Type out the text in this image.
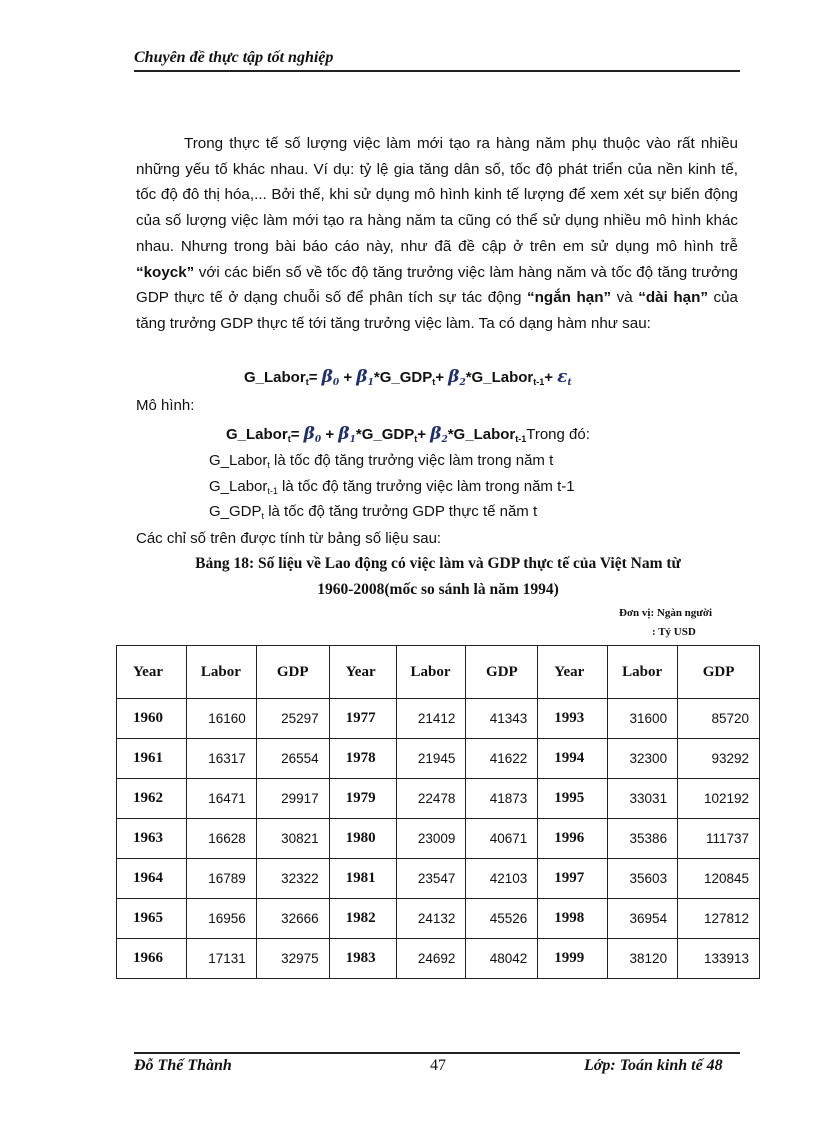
Chuyên đề thực tập tốt nghiệp

Trong thực tế số lượng việc làm mới tạo ra hàng năm phụ thuộc vào rất nhiều những yếu tố khác nhau. Ví dụ: tỷ lệ gia tăng dân số, tốc độ phát triển của nền kinh tế, tốc độ đô thị hóa,... Bởi thế, khi sử dụng mô hình kinh tế lượng để xem xét sự biến động của số lượng việc làm mới tạo ra hàng năm ta cũng có thể sử dụng nhiều mô hình khác nhau. Nhưng trong bài báo cáo này, như đã đề cập ở trên em sử dụng mô hình trễ “koyck” với các biến số về tốc độ tăng trưởng việc làm hàng năm và tốc độ tăng trưởng GDP thực tế ở dạng chuỗi số để phân tích sự tác động “ngắn hạn” và “dài hạn” của tăng trưởng GDP thực tế tới tăng trưởng việc làm. Ta có dạng hàm như sau:

G_Labor$_t$= $\beta_0$ + $\beta_1*G\_GDP_t+$ $\beta_2*G\_Labor_{t-1}+ \varepsilon_t$
Mô hình:
G_Labor$_t$= $\beta_0$ + $\beta_1*G\_GDP_t+$ $\beta_2*G\_Labor_{t-1}Trong$ đó:
G_Labor$_t$ là tốc độ tăng trưởng việc làm trong năm t
G_Labor$_{t-1}$ là tốc độ tăng trưởng việc làm trong năm t-1
$G\_GDP_t$ là tốc độ tăng trưởng GDP thực tế năm t
Các chỉ số trên được tính từ bảng số liệu sau:
Bảng 18: Số liệu về Lao động có việc làm và GDP thực tế của Việt Nam từ
1960-2008(mốc so sánh là năm 1994)
Đơn vị: Ngàn người
: Tỷ USD
Year	Labor	GDP	Year	Labor	GDP	Year	Labor	GDP
1960	16160	25297	1977	21412	41343	1993	31600	85720
1961	16317	26554	1978	21945	41622	1994	32300	93292
1962	16471	29917	1979	22478	41873	1995	33031	102192
1963	16628	30821	1980	23009	40671	1996	35386	111737
1964	16789	32322	1981	23547	42103	1997	35603	120845
1965	16956	32666	1982	24132	45526	1998	36954	127812
1966	17131	32975	1983	24692	48042	1999	38120	133913
Đỗ Thế Thành	47	Lớp: Toán kinh tế 48
